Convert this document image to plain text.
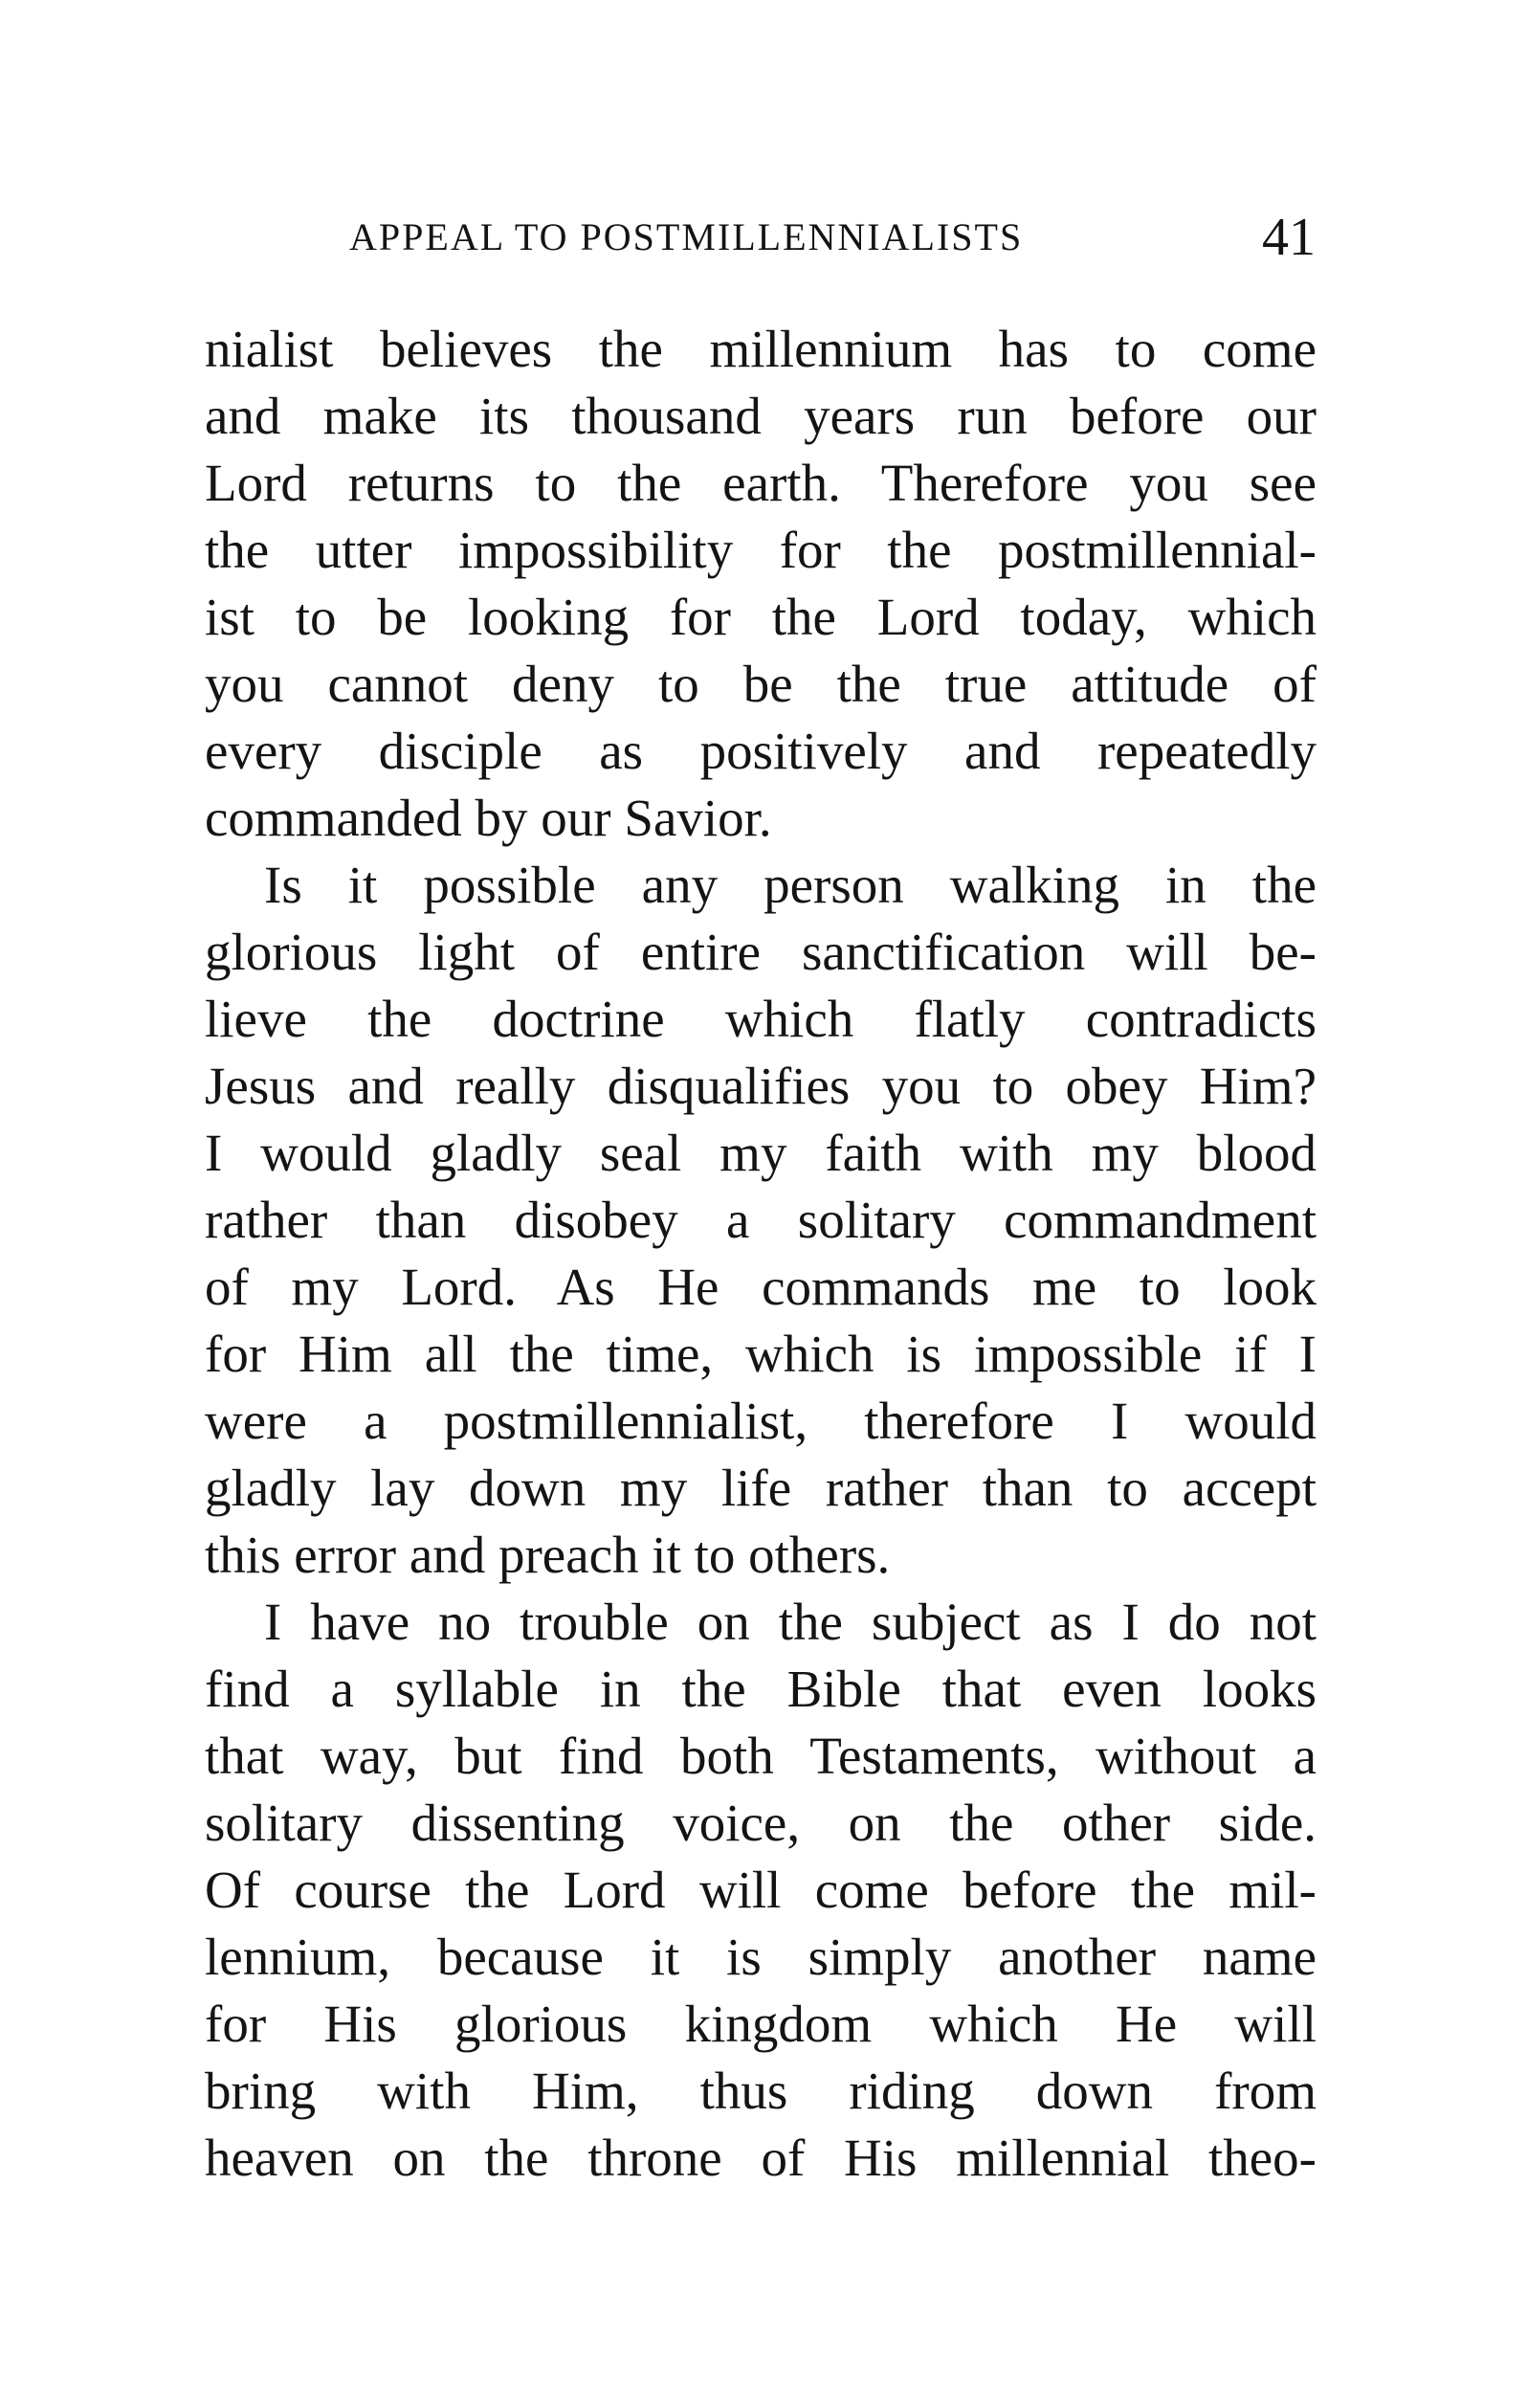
APPEAL TO POSTMILLENNIALISTS	41
nialist believes the millennium has to come
and make its thousand years run before our
Lord returns to the earth. Therefore you see
the utter impossibility for the postmillennial-
ist to be looking for the Lord today, which
you cannot deny to be the true attitude of
every disciple as positively and repeatedly
commanded by our Savior.
Is it possible any person walking in the
glorious light of entire sanctification will be-
lieve the doctrine which flatly contradicts
Jesus and really disqualifies you to obey Him?
I would gladly seal my faith with my blood
rather than disobey a solitary commandment
of my Lord. As He commands me to look
for Him all the time, which is impossible if I
were a postmillennialist, therefore I would
gladly lay down my life rather than to accept
this error and preach it to others.
I have no trouble on the subject as I do not
find a syllable in the Bible that even looks
that way, but find both Testaments, without a
solitary dissenting voice, on the other side.
Of course the Lord will come before the mil-
lennium, because it is simply another name
for His glorious kingdom which He will
bring with Him, thus riding down from
heaven on the throne of His millennial theo-
